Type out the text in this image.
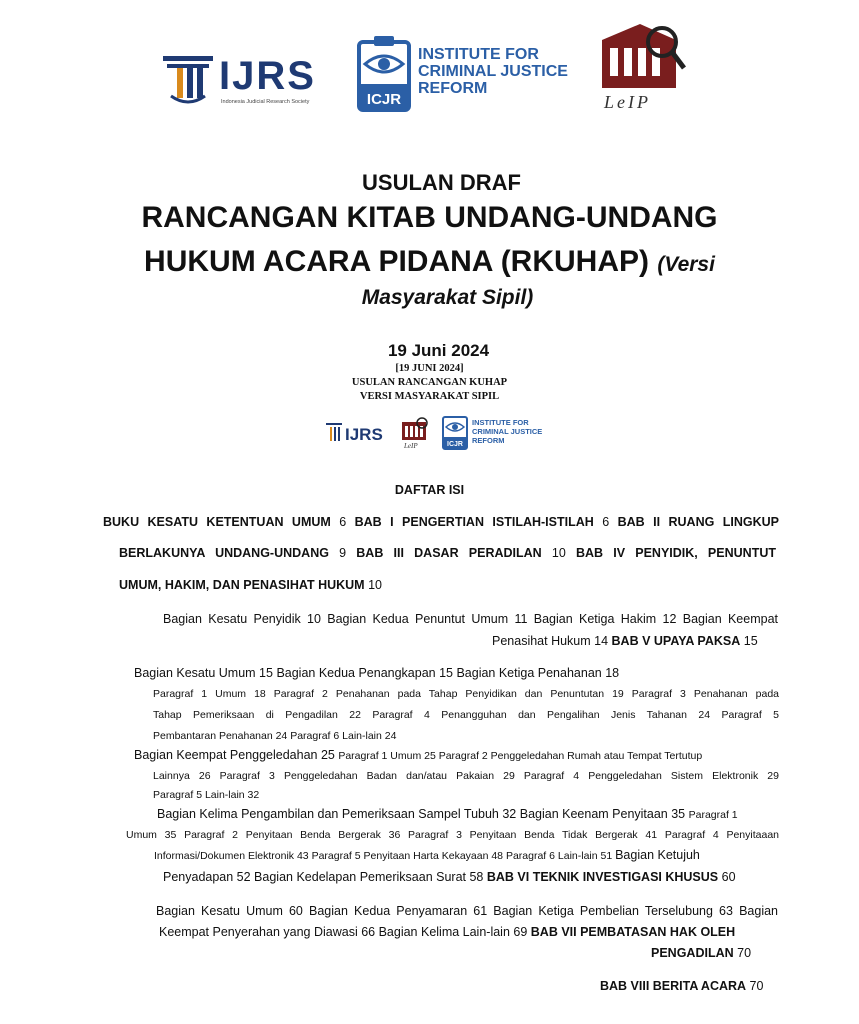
IJRS
Indonesia Judicial Research Society	ICJR
INSTITUTE FOR
CRIMINAL JUSTICE
REFORM
LeIP
USULAN DRAF
RANCANGAN KITAB UNDANG-UNDANG
HUKUM ACARA PIDANA (RKUHAP) (Versi
Masyarakat Sipil)
19 Juni 2024
[19 JUNI 2024]
USULAN RANCANGAN KUHAP
VERSI MASYARAKAT SIPIL
IJRS
LeIP	ICJR
INSTITUTE FOR
CRIMINAL JUSTICE
REFORM
DAFTAR ISI
BUKU KESATU KETENTUAN UMUM 6 BAB I PENGERTIAN ISTILAH-ISTILAH 6 BAB II RUANG LINGKUP
BERLAKUNYA UNDANG-UNDANG 9 BAB III DASAR PERADILAN 10 BAB IV PENYIDIK, PENUNTUT
UMUM, HAKIM, DAN PENASIHAT HUKUM 10
Bagian Kesatu Penyidik 10 Bagian Kedua Penuntut Umum 11 Bagian Ketiga Hakim 12 Bagian Keempat
Penasihat Hukum 14 BAB V UPAYA PAKSA 15
Bagian Kesatu Umum 15 Bagian Kedua Penangkapan 15 Bagian Ketiga Penahanan 18
Paragraf 1 Umum 18 Paragraf 2 Penahanan pada Tahap Penyidikan dan Penuntutan 19 Paragraf 3 Penahanan pada
Tahap Pemeriksaan di Pengadilan 22 Paragraf 4 Penangguhan dan Pengalihan Jenis Tahanan 24 Paragraf 5
Pembantaran Penahanan 24 Paragraf 6 Lain-lain 24
Bagian Keempat Penggeledahan 25 Paragraf 1 Umum 25 Paragraf 2 Penggeledahan Rumah atau Tempat Tertutup
Lainnya 26 Paragraf 3 Penggeledahan Badan dan/atau Pakaian 29 Paragraf 4 Penggeledahan Sistem Elektronik 29
Paragraf 5 Lain-lain 32
Bagian Kelima Pengambilan dan Pemeriksaan Sampel Tubuh 32 Bagian Keenam Penyitaan 35 Paragraf 1
Umum 35 Paragraf 2 Penyitaan Benda Bergerak 36 Paragraf 3 Penyitaan Benda Tidak Bergerak 41 Paragraf 4 Penyitaaan
Informasi/Dokumen Elektronik 43 Paragraf 5 Penyitaan Harta Kekayaan 48 Paragraf 6 Lain-lain 51 Bagian Ketujuh
Penyadapan 52 Bagian Kedelapan Pemeriksaan Surat 58 BAB VI TEKNIK INVESTIGASI KHUSUS 60
Bagian Kesatu Umum 60 Bagian Kedua Penyamaran 61 Bagian Ketiga Pembelian Terselubung 63 Bagian
Keempat Penyerahan yang Diawasi 66 Bagian Kelima Lain-lain 69 BAB VII PEMBATASAN HAK OLEH
PENGADILAN 70
BAB VIII BERITA ACARA 70
